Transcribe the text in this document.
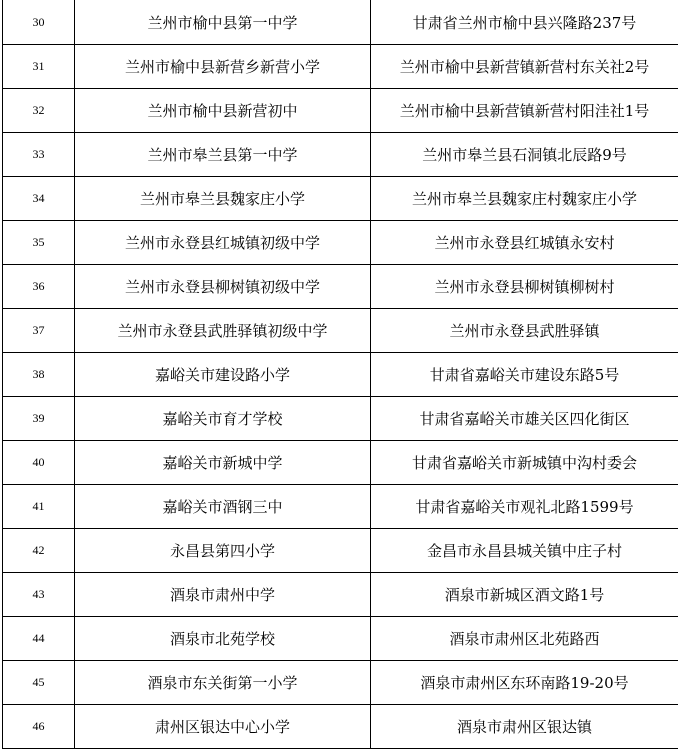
30	兰州市榆中县第一中学	甘肃省兰州市榆中县兴隆路237号
31	兰州市榆中县新营乡新营小学	兰州市榆中县新营镇新营村东关社2号
32	兰州市榆中县新营初中	兰州市榆中县新营镇新营村阳洼社1号
33	兰州市皋兰县第一中学	兰州市皋兰县石洞镇北辰路9号
34	兰州市皋兰县魏家庄小学	兰州市皋兰县魏家庄村魏家庄小学
35	兰州市永登县红城镇初级中学	兰州市永登县红城镇永安村
36	兰州市永登县柳树镇初级中学	兰州市永登县柳树镇柳树村
37	兰州市永登县武胜驿镇初级中学	兰州市永登县武胜驿镇
38	嘉峪关市建设路小学	甘肃省嘉峪关市建设东路5号
39	嘉峪关市育才学校	甘肃省嘉峪关市雄关区四化街区
40	嘉峪关市新城中学	甘肃省嘉峪关市新城镇中沟村委会
41	嘉峪关市酒钢三中	甘肃省嘉峪关市观礼北路1599号
42	永昌县第四小学	金昌市永昌县城关镇中庄子村
43	酒泉市肃州中学	酒泉市新城区酒文路1号
44	酒泉市北苑学校	酒泉市肃州区北苑路西
45	酒泉市东关街第一小学	酒泉市肃州区东环南路19-20号
46	肃州区银达中心小学	酒泉市肃州区银达镇
